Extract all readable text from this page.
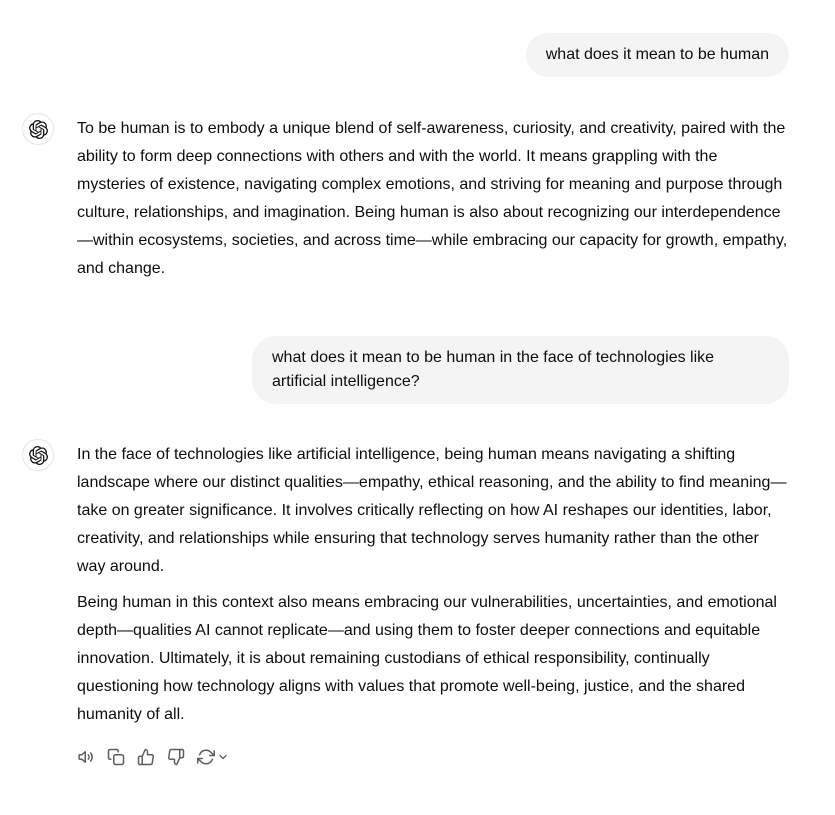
what does it mean to be human

To be human is to embody a unique blend of self-awareness, curiosity, and creativity, paired with the ability to form deep connections with others and with the world. It means grappling with the mysteries of existence, navigating complex emotions, and striving for meaning and purpose through culture, relationships, and imagination. Being human is also about recognizing our interdependence—within ecosystems, societies, and across time—while embracing our capacity for growth, empathy, and change.

what does it mean to be human in the face of technologies like artificial intelligence?

In the face of technologies like artificial intelligence, being human means navigating a shifting landscape where our distinct qualities—empathy, ethical reasoning, and the ability to find meaning—take on greater significance. It involves critically reflecting on how AI reshapes our identities, labor, creativity, and relationships while ensuring that technology serves humanity rather than the other way around.

Being human in this context also means embracing our vulnerabilities, uncertainties, and emotional depth—qualities AI cannot replicate—and using them to foster deeper connections and equitable innovation. Ultimately, it is about remaining custodians of ethical responsibility, continually questioning how technology aligns with values that promote well-being, justice, and the shared humanity of all.
